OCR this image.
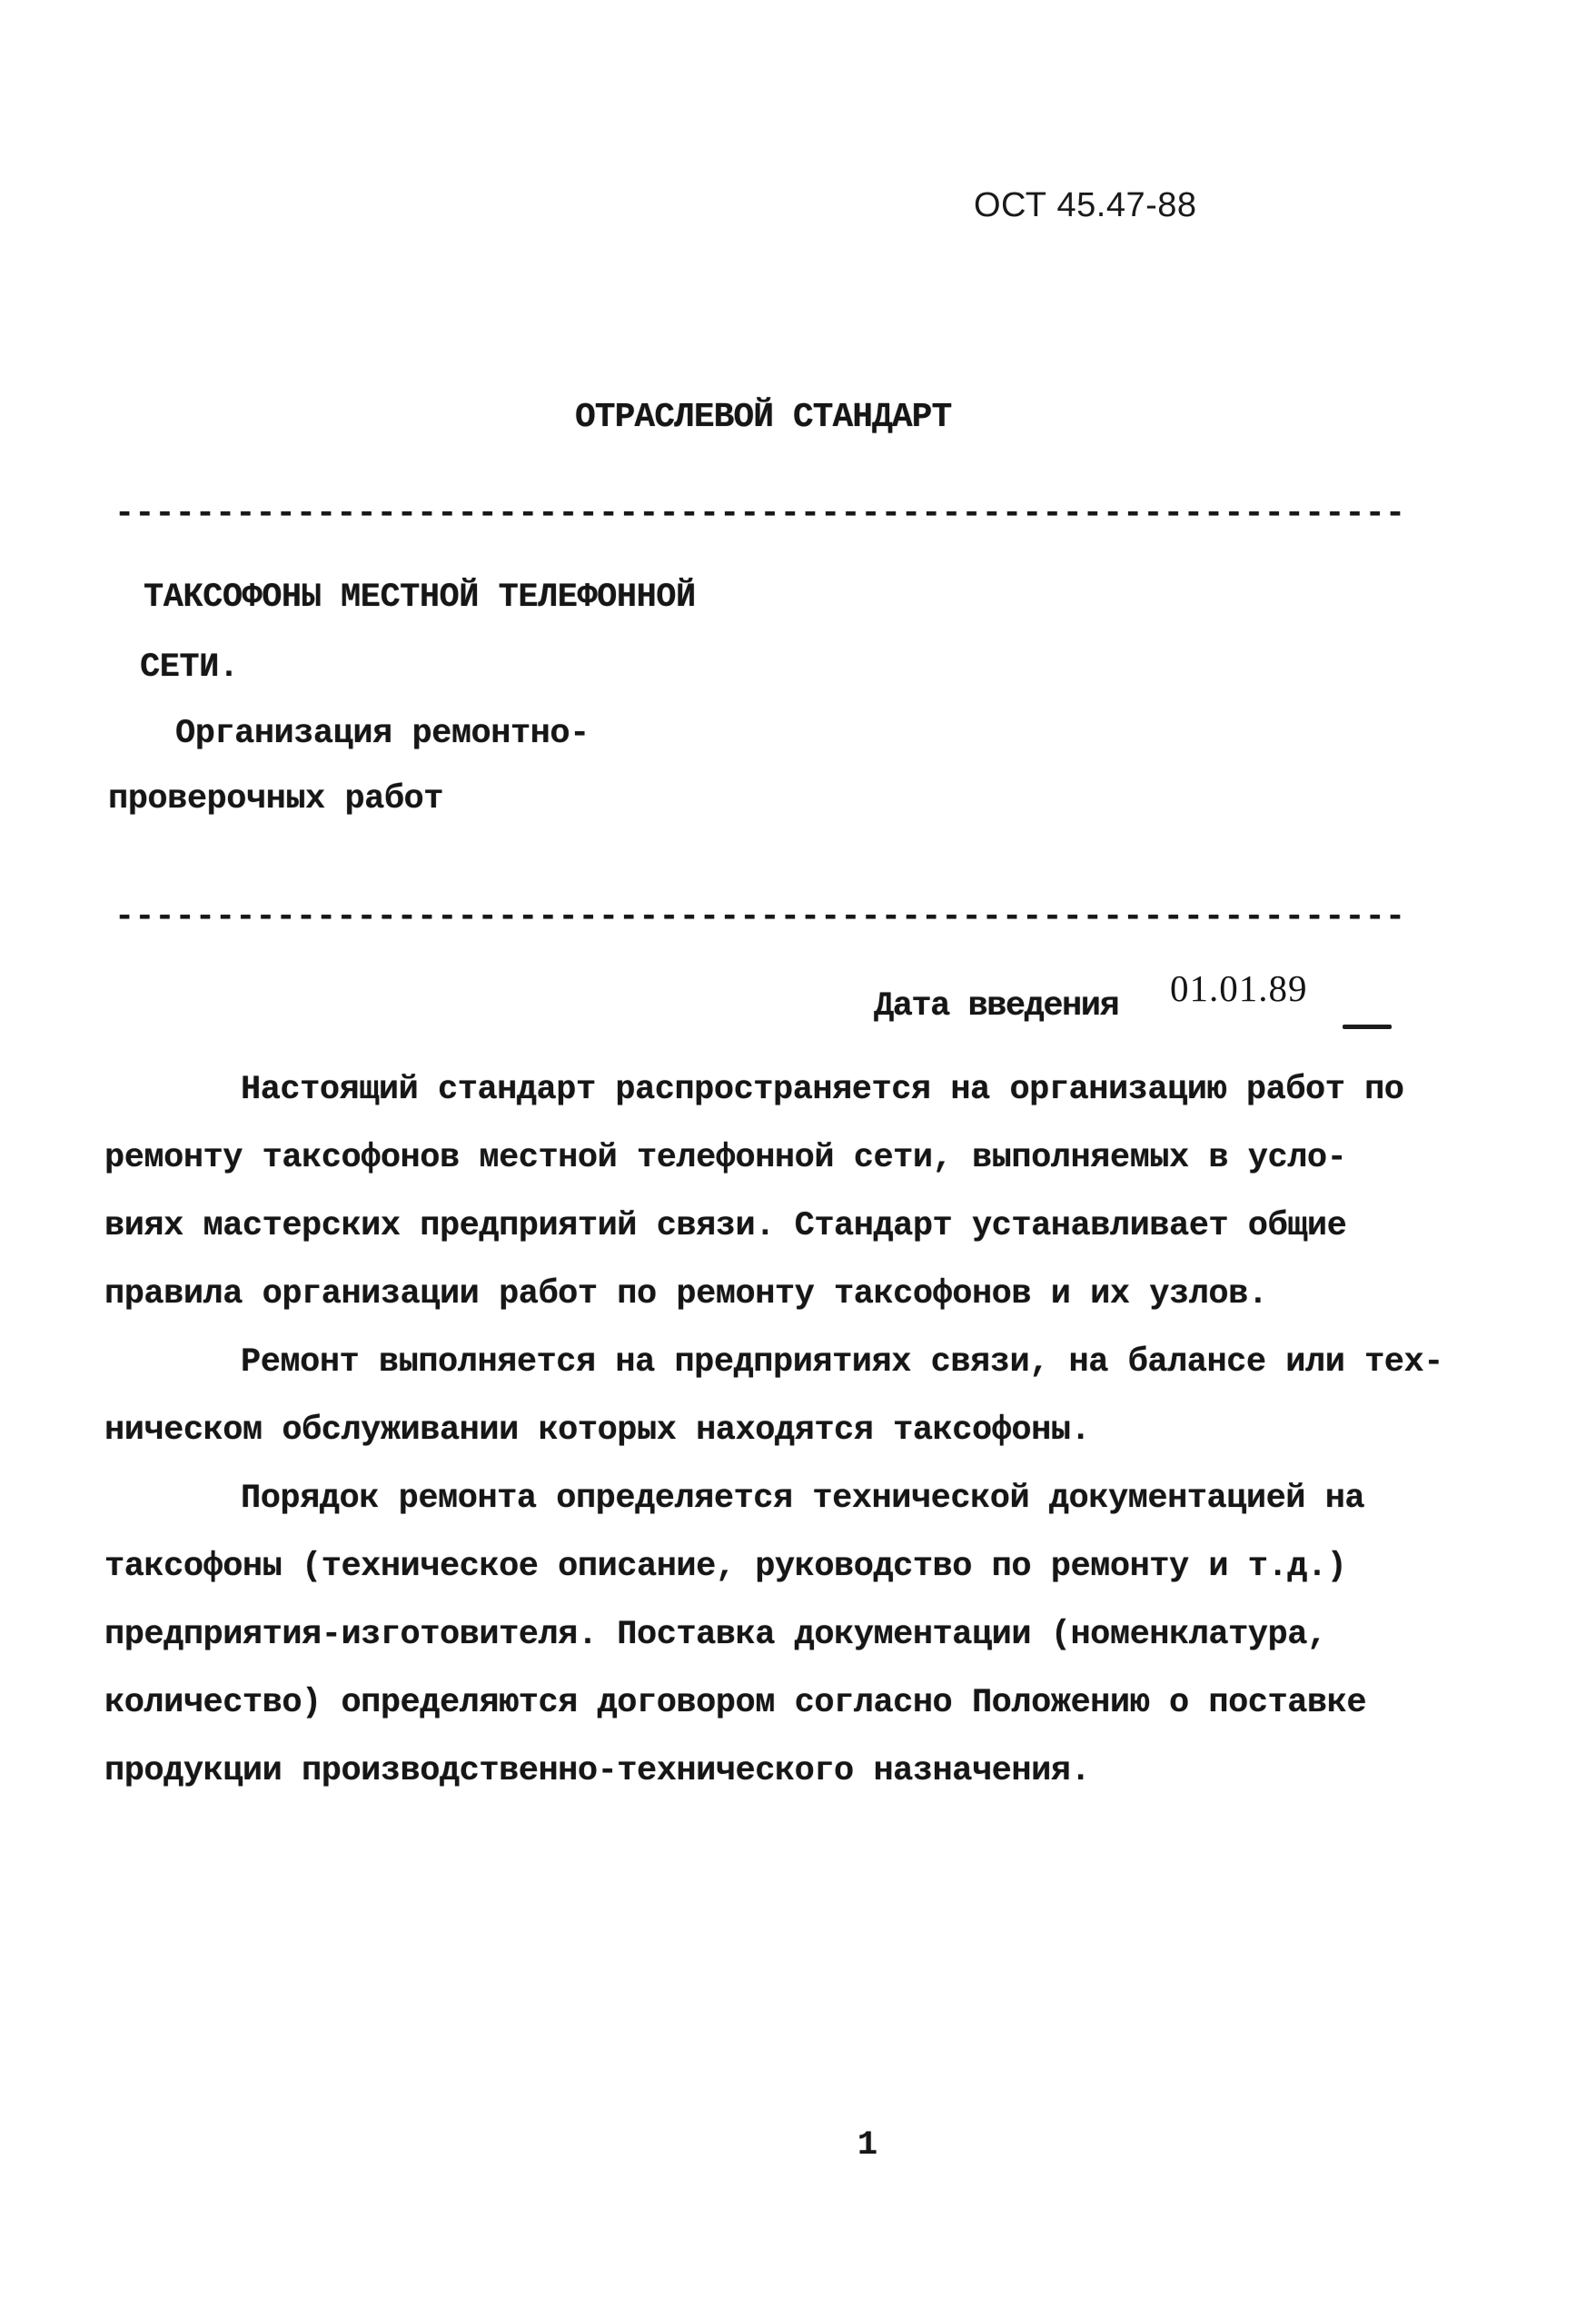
ОСТ 45.47-88
ОТРАСЛЕВОЙ СТАНДАРТ
----------------------------------------------------------------
ТАКСОФОНЫ МЕСТНОЙ ТЕЛЕФОННОЙ
СЕТИ.
Организация ремонтно-
проверочных работ
----------------------------------------------------------------
Дата введения 01.01.89
Настоящий стандарт распространяется на организацию работ по
ремонту таксофонов местной телефонной сети, выполняемых в усло-
виях мастерских предприятий связи. Стандарт устанавливает общие
правила организации работ по ремонту таксофонов и их узлов.
Ремонт выполняется на предприятиях связи, на балансе или тех-
ническом обслуживании которых находятся таксофоны.
Порядок ремонта определяется технической документацией на
таксофоны (техническое описание, руководство по ремонту и т.д.)
предприятия-изготовителя. Поставка документации (номенклатура,
количество) определяются договором согласно Положению о поставке
продукции производственно-технического назначения.
1
